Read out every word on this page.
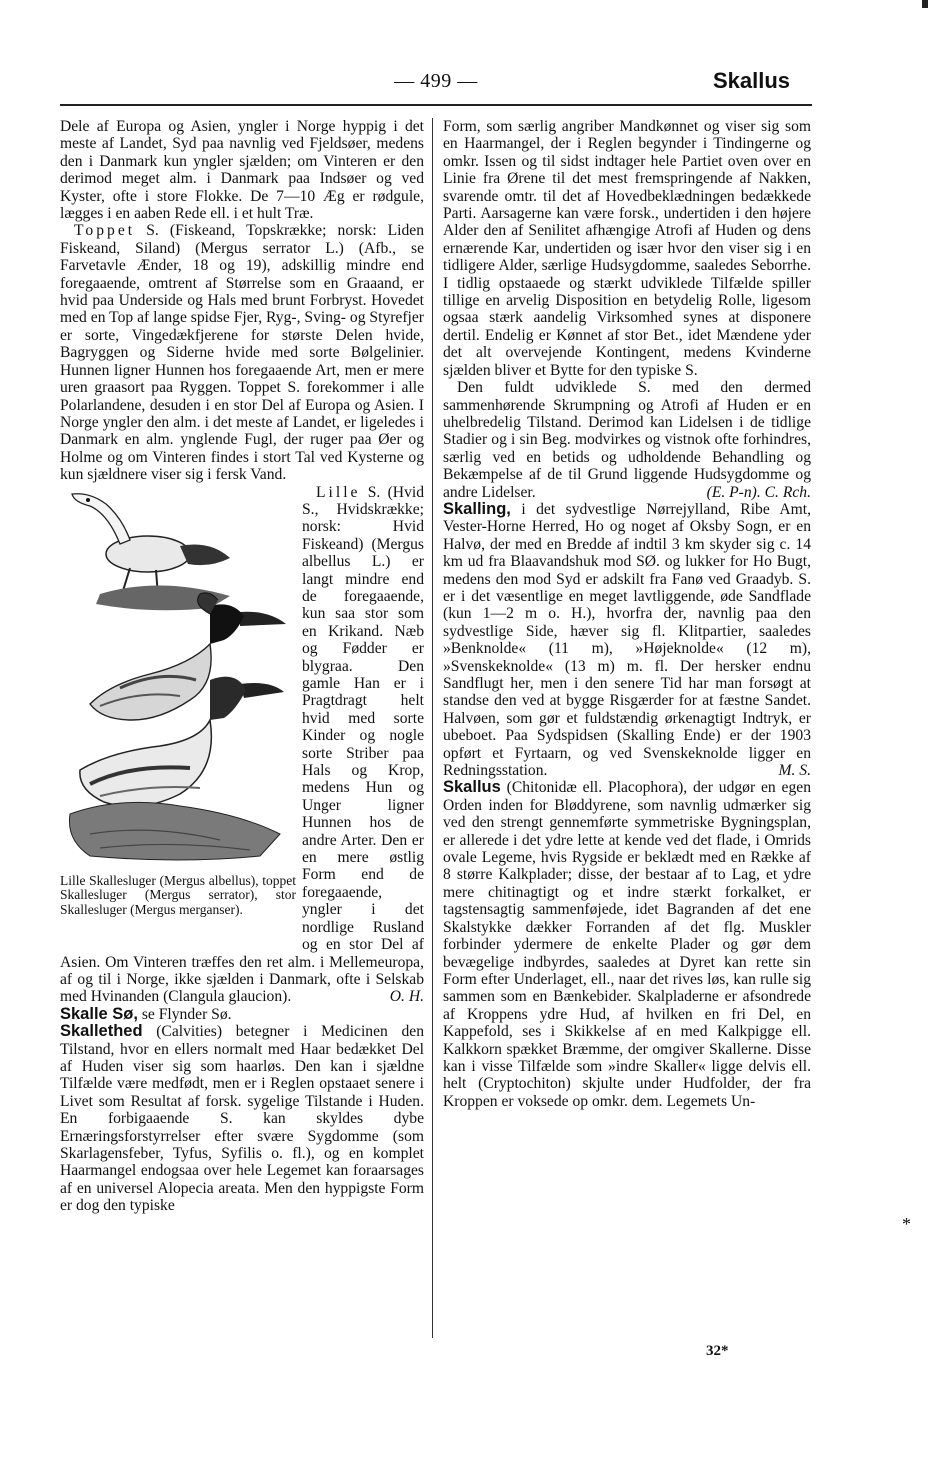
— 499 —	Skallus

Dele af Europa og Asien, yngler i Norge hyppig i det meste af Landet, Syd paa navnlig ved Fjeldsøer, medens den i Danmark kun yngler sjælden; om Vinteren er den derimod meget alm. i Danmark paa Indsøer og ved Kyster, ofte i store Flokke. De 7—10 Æg er rødgule, lægges i en aaben Rede ell. i et hult Træ.

Toppet S. (Fiskeand, Topskrække; norsk: Liden Fiskeand, Siland) (Mergus serrator L.) (Afb., se Farvetavle Ænder, 18 og 19), adskillig mindre end foregaaende, omtrent af Størrelse som en Graaand, er hvid paa Underside og Hals med brunt Forbryst. Hovedet med en Top af lange spidse Fjer, Ryg-, Sving- og Styrefjer er sorte, Vingedækfjerene for største Delen hvide, Bagryggen og Siderne hvide med sorte Bølgelinier. Hunnen ligner Hunnen hos foregaaende Art, men er mere uren graasort paa Ryggen. Toppet S. forekommer i alle Polarlandene, desuden i en stor Del af Europa og Asien. I Norge yngler den alm. i det meste af Landet, er ligeledes i Danmark en alm. ynglende Fugl, der ruger paa Øer og Holme og om Vinteren findes i stort Tal ved Kysterne og kun sjældnere viser sig i fersk Vand.

Lille Skallesluger (Mergus albellus), toppet Skallesluger (Mergus serrator), stor Skallesluger (Mergus merganser).

Lille S. (Hvid S., Hvidskrække; norsk: Hvid Fiskeand) (Mergus albellus L.) er langt mindre end de foregaaende, kun saa stor som en Krikand. Næb og Fødder er blygraa. Den gamle Han er i Pragtdragt helt hvid med sorte Kinder og nogle sorte Striber paa Hals og Krop, medens Hun og Unger ligner Hunnen hos de andre Arter. Den er en mere østlig Form end de foregaaende, yngler i det nordlige Rusland og en stor Del af Asien. Om Vinteren træffes den ret alm. i Mellemeuropa, af og til i Norge, ikke sjælden i Danmark, ofte i Selskab med Hvinanden (Clangula glaucion).	O. H.

Skalle Sø, se Flynder Sø.

Skallethed (Calvities) betegner i Medicinen den Tilstand, hvor en ellers normalt med Haar bedækket Del af Huden viser sig som haarløs. Den kan i sjældne Tilfælde være medfødt, men er i Reglen opstaaet senere i Livet som Resultat af forsk. sygelige Tilstande i Huden. En forbigaaende S. kan skyldes dybe Ernæringsforstyrrelser efter svære Sygdomme (som Skarlagensfeber, Tyfus, Syfilis o. fl.), og en komplet Haarmangel endogsaa over hele Legemet kan foraarsages af en universel Alopecia areata. Men den hyppigste Form er dog den typiske

Form, som særlig angriber Mandkønnet og viser sig som en Haarmangel, der i Reglen begynder i Tindingerne og omkr. Issen og til sidst indtager hele Partiet oven over en Linie fra Ørene til det mest fremspringende af Nakken, svarende omtr. til det af Hovedbeklædningen bedækkede Parti. Aarsagerne kan være forsk., undertiden i den højere Alder den af Senilitet afhængige Atrofi af Huden og dens ernærende Kar, undertiden og især hvor den viser sig i en tidligere Alder, særlige Hudsygdomme, saaledes Seborrhe. I tidlig opstaaede og stærkt udviklede Tilfælde spiller tillige en arvelig Disposition en betydelig Rolle, ligesom ogsaa stærk aandelig Virksomhed synes at disponere dertil. Endelig er Kønnet af stor Bet., idet Mændene yder det alt overvejende Kontingent, medens Kvinderne sjælden bliver et Bytte for den typiske S.

Den fuldt udviklede S. med den dermed sammenhørende Skrumpning og Atrofi af Huden er en uhelbredelig Tilstand. Derimod kan Lidelsen i de tidlige Stadier og i sin Beg. modvirkes og vistnok ofte forhindres, særlig ved en betids og udholdende Behandling og Bekæmpelse af de til Grund liggende Hudsygdomme og andre Lidelser.	(E. P-n). C. Rch.

Skalling, i det sydvestlige Nørrejylland, Ribe Amt, Vester-Horne Herred, Ho og noget af Oksby Sogn, er en Halvø, der med en Bredde af indtil 3 km skyder sig c. 14 km ud fra Blaavandshuk mod SØ. og lukker for Ho Bugt, medens den mod Syd er adskilt fra Fanø ved Graadyb. S. er i det væsentlige en meget lavtliggende, øde Sandflade (kun 1—2 m o. H.), hvorfra der, navnlig paa den sydvestlige Side, hæver sig fl. Klitpartier, saaledes »Benknolde« (11 m), »Højeknolde« (12 m), »Svenskeknolde« (13 m) m. fl. Der hersker endnu Sandflugt her, men i den senere Tid har man forsøgt at standse den ved at bygge Risgærder for at fæstne Sandet. Halvøen, som gør et fuldstændig ørkenagtigt Indtryk, er ubeboet. Paa Sydspidsen (Skalling Ende) er der 1903 opført et Fyrtaarn, og ved Svenskeknolde ligger en Redningsstation.	M. S.

Skallus (Chitonidæ ell. Placophora), der udgør en egen Orden inden for Bløddyrene, som navnlig udmærker sig ved den strengt gennemførte symmetriske Bygningsplan, er allerede i det ydre lette at kende ved det flade, i Omrids ovale Legeme, hvis Rygside er beklædt med en Række af 8 større Kalkplader; disse, der bestaar af to Lag, et ydre mere chitinagtigt og et indre stærkt forkalket, er tagstensagtig sammenføjede, idet Bagranden af det ene Skalstykke dækker Forranden af det flg. Muskler forbinder ydermere de enkelte Plader og gør dem bevægelige indbyrdes, saaledes at Dyret kan rette sin Form efter Underlaget, ell., naar det rives løs, kan rulle sig sammen som en Bænkebider. Skalpladerne er afsondrede af Kroppens ydre Hud, af hvilken en fri Del, en Kappefold, ses i Skikkelse af en med Kalkpigge ell. Kalkkorn spækket Bræmme, der omgiver Skallerne. Disse kan i visse Tilfælde som »indre Skaller« ligge delvis ell. helt (Cryptochiton) skjulte under Hudfolder, der fra Kroppen er voksede op omkr. dem. Legemets Un-

32*
*
